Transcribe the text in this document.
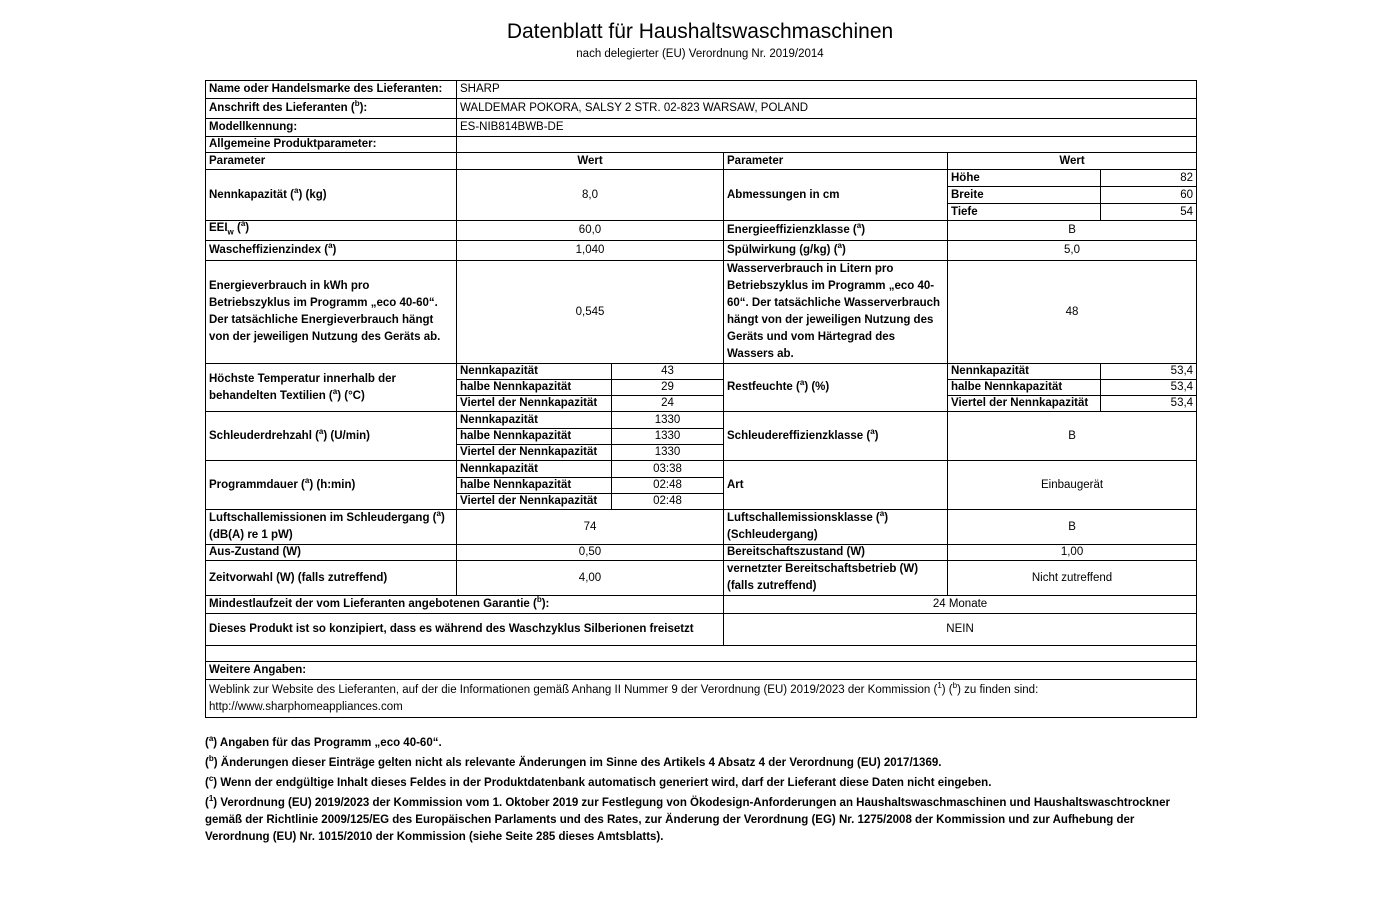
Datenblatt für Haushaltswaschmaschinen
nach delegierter (EU) Verordnung Nr. 2019/2014
Name oder Handelsmarke des Lieferanten:	SHARP				
Anschrift des Lieferanten ($^b$):	WALDEMAR POKORA, SALSY 2 STR. 02-823 WARSAW, POLAND				
Modellkennung:	ES-NIB814BWB-DE				
Allgemeine Produktparameter:					
Parameter	Wert		Parameter	Wert	
Nennkapazität ($^a$) (kg)	8,0		Abmessungen in cm	Höhe	82
				Breite	60
				Tiefe	54
$EEI_w$ ($^a$)	60,0		Energieeffizienzklasse ($^a$)	B	
Wascheffizienzindex ($^a$)	1,040		Spülwirkung (g/kg) ($^a$)	5,0	
Energieverbrauch in kWh pro Betriebszyklus im Programm „eco 40-60“. Der tatsächliche Energieverbrauch hängt von der jeweiligen Nutzung des Geräts ab.	0,545		Wasserverbrauch in Litern pro Betriebszyklus im Programm „eco 40-60“. Der tatsächliche Wasserverbrauch hängt von der jeweiligen Nutzung des Geräts und vom Härtegrad des Wassers ab.	48	
Höchste Temperatur innerhalb der behandelten Textilien ($^a$) (°C)	Nennkapazität	43	Restfeuchte ($^a$) (%)	Nennkapazität	53,4
	halbe Nennkapazität	29		halbe Nennkapazität	53,4
	Viertel der Nennkapazität	24		Viertel der Nennkapazität	53,4
Schleuderdrehzahl ($^a$) (U/min)	Nennkapazität	1330	Schleudereffizienzklasse ($^a$)	B	
	halbe Nennkapazität	1330			
	Viertel der Nennkapazität	1330			
Programmdauer ($^a$) (h:min)	Nennkapazität	03:38	Art	Einbaugerät	
	halbe Nennkapazität	02:48			
	Viertel der Nennkapazität	02:48			
Luftschallemissionen im Schleudergang ($^a$) (dB(A) re 1 pW)	74		Luftschallemissionsklasse ($^a$) (Schleudergang)	B	
Aus-Zustand (W)	0,50		Bereitschaftszustand (W)	1,00	
Zeitvorwahl (W) (falls zutreffend)	4,00		vernetzter Bereitschaftsbetrieb (W) (falls zutreffend)	Nicht zutreffend	
Mindestlaufzeit der vom Lieferanten angebotenen Garantie ($^b$):			24 Monate		
Dieses Produkt ist so konzipiert, dass es während des Waschzyklus Silberionen freisetzt			NEIN		

Weitere Angaben:					
Weblink zur Website des Lieferanten, auf der die Informationen gemäß Anhang II Nummer 9 der Verordnung (EU) 2019/2023 der Kommission ($^1$) ($^b$) zu finden sind:
http://www.sharphomeappliances.com					

($^a$) Angaben für das Programm „eco 40-60“.

($^b$) Änderungen dieser Einträge gelten nicht als relevante Änderungen im Sinne des Artikels 4 Absatz 4 der Verordnung (EU) 2017/1369.

($^c$) Wenn der endgültige Inhalt dieses Feldes in der Produktdatenbank automatisch generiert wird, darf der Lieferant diese Daten nicht eingeben.

($^1$) Verordnung (EU) 2019/2023 der Kommission vom 1. Oktober 2019 zur Festlegung von Ökodesign-Anforderungen an Haushaltswaschmaschinen und Haushaltswaschtrockner gemäß der Richtlinie 2009/125/EG des Europäischen Parlaments und des Rates, zur Änderung der Verordnung (EG) Nr. 1275/2008 der Kommission und zur Aufhebung der Verordnung (EU) Nr. 1015/2010 der Kommission (siehe Seite 285 dieses Amtsblatts).
